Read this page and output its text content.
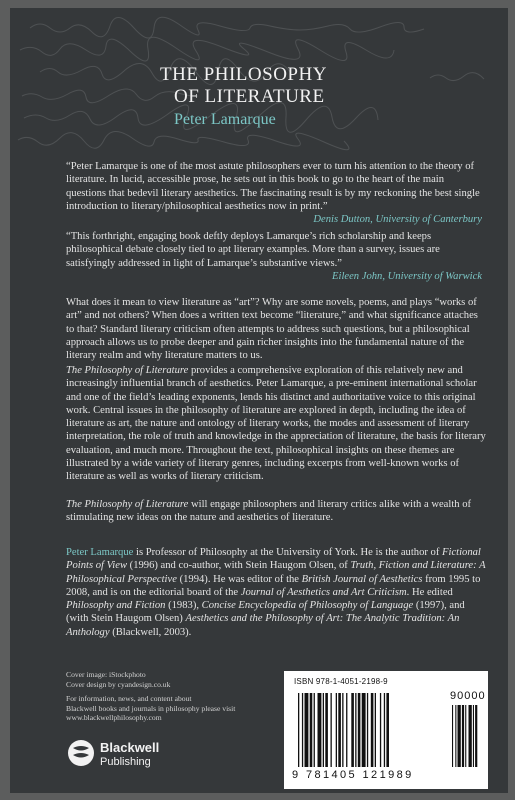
THE PHILOSOPHY
OF LITERATURE
Peter Lamarque

“Peter Lamarque is one of the most astute philosophers ever to turn his attention to the theory of literature. In lucid, accessible prose, he sets out in this book to go to the heart of the main questions that bedevil literary aesthetics. The fascinating result is by my reckoning the best single introduction to literary/philosophical aesthetics now in print.”

Denis Dutton, University of Canterbury

“This forthright, engaging book deftly deploys Lamarque’s rich scholarship and keeps philosophical debate closely tied to apt literary examples. More than a survey, issues are satisfyingly addressed in light of Lamarque’s substantive views.”

Eileen John, University of Warwick

What does it mean to view literature as “art”? Why are some novels, poems, and plays “works of art” and not others? When does a written text become “literature,” and what significance attaches to that? Standard literary criticism often attempts to address such questions, but a philosophical approach allows us to probe deeper and gain richer insights into the fundamental nature of the literary realm and why literature matters to us.

The Philosophy of Literature provides a comprehensive exploration of this relatively new and increasingly influential branch of aesthetics. Peter Lamarque, a pre-eminent international scholar and one of the field’s leading exponents, lends his distinct and authoritative voice to this original work. Central issues in the philosophy of literature are explored in depth, including the idea of literature as art, the nature and ontology of literary works, the modes and assessment of literary interpretation, the role of truth and knowledge in the appreciation of literature, the basis for literary evaluation, and much more. Throughout the text, philosophical insights on these themes are illustrated by a wide variety of literary genres, including excerpts from well-known works of literature as well as works of literary criticism.

The Philosophy of Literature will engage philosophers and literary critics alike with a wealth of stimulating new ideas on the nature and aesthetics of literature.

Peter Lamarque is Professor of Philosophy at the University of York. He is the author of Fictional Points of View (1996) and co-author, with Stein Haugom Olsen, of Truth, Fiction and Literature: A Philosophical Perspective (1994). He was editor of the British Journal of Aesthetics from 1995 to 2008, and is on the editorial board of the Journal of Aesthetics and Art Criticism. He edited Philosophy and Fiction (1983), Concise Encyclopedia of Philosophy of Language (1997), and (with Stein Haugom Olsen) Aesthetics and the Philosophy of Art: The Analytic Tradition: An Anthology (Blackwell, 2003).

Cover image: iStockphoto
Cover design by cyandesign.co.uk
For information, news, and content about
Blackwell books and journals in philosophy please visit
www.blackwellphilosophy.com
Blackwell
Publishing
ISBN 978-1-4051-2198-9
90000
9 781405 121989
